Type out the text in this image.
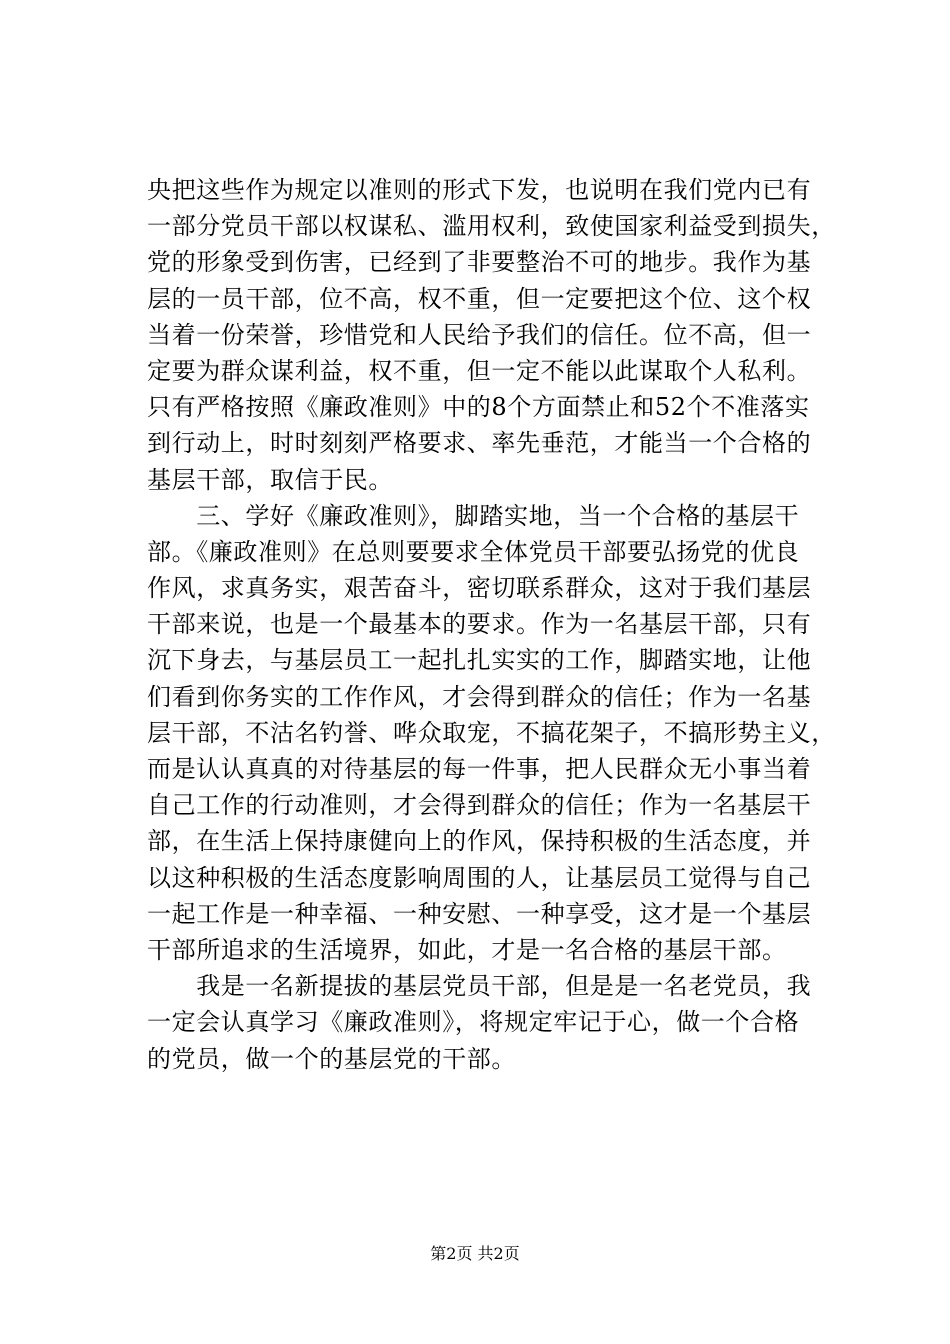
央把这些作为规定以准则的形式下发，也说明在我们党内已有
一部分党员干部以权谋私、滥用权利，致使国家利益受到损失，
党的形象受到伤害，已经到了非要整治不可的地步。我作为基
层的一员干部，位不高，权不重，但一定要把这个位、这个权
当着一份荣誉，珍惜党和人民给予我们的信任。位不高，但一
定要为群众谋利益，权不重，但一定不能以此谋取个人私利。
只有严格按照《廉政准则》中的8个方面禁止和52个不准落实
到行动上，时时刻刻严格要求、率先垂范，才能当一个合格的
基层干部，取信于民。
　　三、学好《廉政准则》，脚踏实地，当一个合格的基层干
部。《廉政准则》在总则要要求全体党员干部要弘扬党的优良
作风，求真务实，艰苦奋斗，密切联系群众，这对于我们基层
干部来说，也是一个最基本的要求。作为一名基层干部，只有
沉下身去，与基层员工一起扎扎实实的工作，脚踏实地，让他
们看到你务实的工作作风，才会得到群众的信任；作为一名基
层干部，不沽名钓誉、哗众取宠，不搞花架子，不搞形势主义，
而是认认真真的对待基层的每一件事，把人民群众无小事当着
自己工作的行动准则，才会得到群众的信任；作为一名基层干
部，在生活上保持康健向上的作风，保持积极的生活态度，并
以这种积极的生活态度影响周围的人，让基层员工觉得与自己
一起工作是一种幸福、一种安慰、一种享受，这才是一个基层
干部所追求的生活境界，如此，才是一名合格的基层干部。
　　我是一名新提拔的基层党员干部，但是是一名老党员，我
一定会认真学习《廉政准则》，将规定牢记于心，做一个合格
的党员，做一个的基层党的干部。
第2页 共2页
